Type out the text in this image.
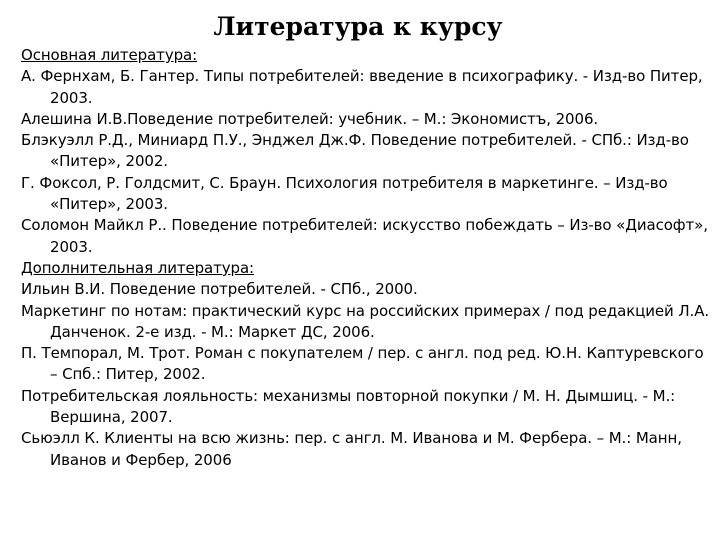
Литература к курсу
Основная литература:
А. Фернхам, Б. Гантер. Типы потребителей: введение в психографику. - Изд-во Питер, 2003.
Алешина И.В.Поведение потребителей: учебник. – М.: Экономистъ, 2006.
Блэкуэлл Р.Д., Миниард П.У., Энджел Дж.Ф. Поведение потребителей. - СПб.: Изд-во «Питер», 2002.
Г. Фоксол, Р. Голдсмит, С. Браун. Психология потребителя в маркетинге. – Изд-во «Питер», 2003.
Соломон Майкл Р.. Поведение потребителей: искусство побеждать – Из-во «Диасофт», 2003.
Дополнительная литература:
Ильин В.И. Поведение потребителей. - СПб., 2000.
Маркетинг по нотам: практический курс на российских примерах / под редакцией Л.А. Данченок. 2-е изд. - М.: Маркет ДС, 2006.
П. Темпорал, М. Трот. Роман с покупателем / пер. с англ. под ред. Ю.Н. Каптуревского – Спб.: Питер, 2002.
Потребительская лояльность: механизмы повторной покупки / М. Н. Дымшиц. - М.: Вершина, 2007.
Сьюэлл К. Клиенты на всю жизнь: пер. с англ. М. Иванова и М. Фербера. – М.: Манн, Иванов и Фербер, 2006
